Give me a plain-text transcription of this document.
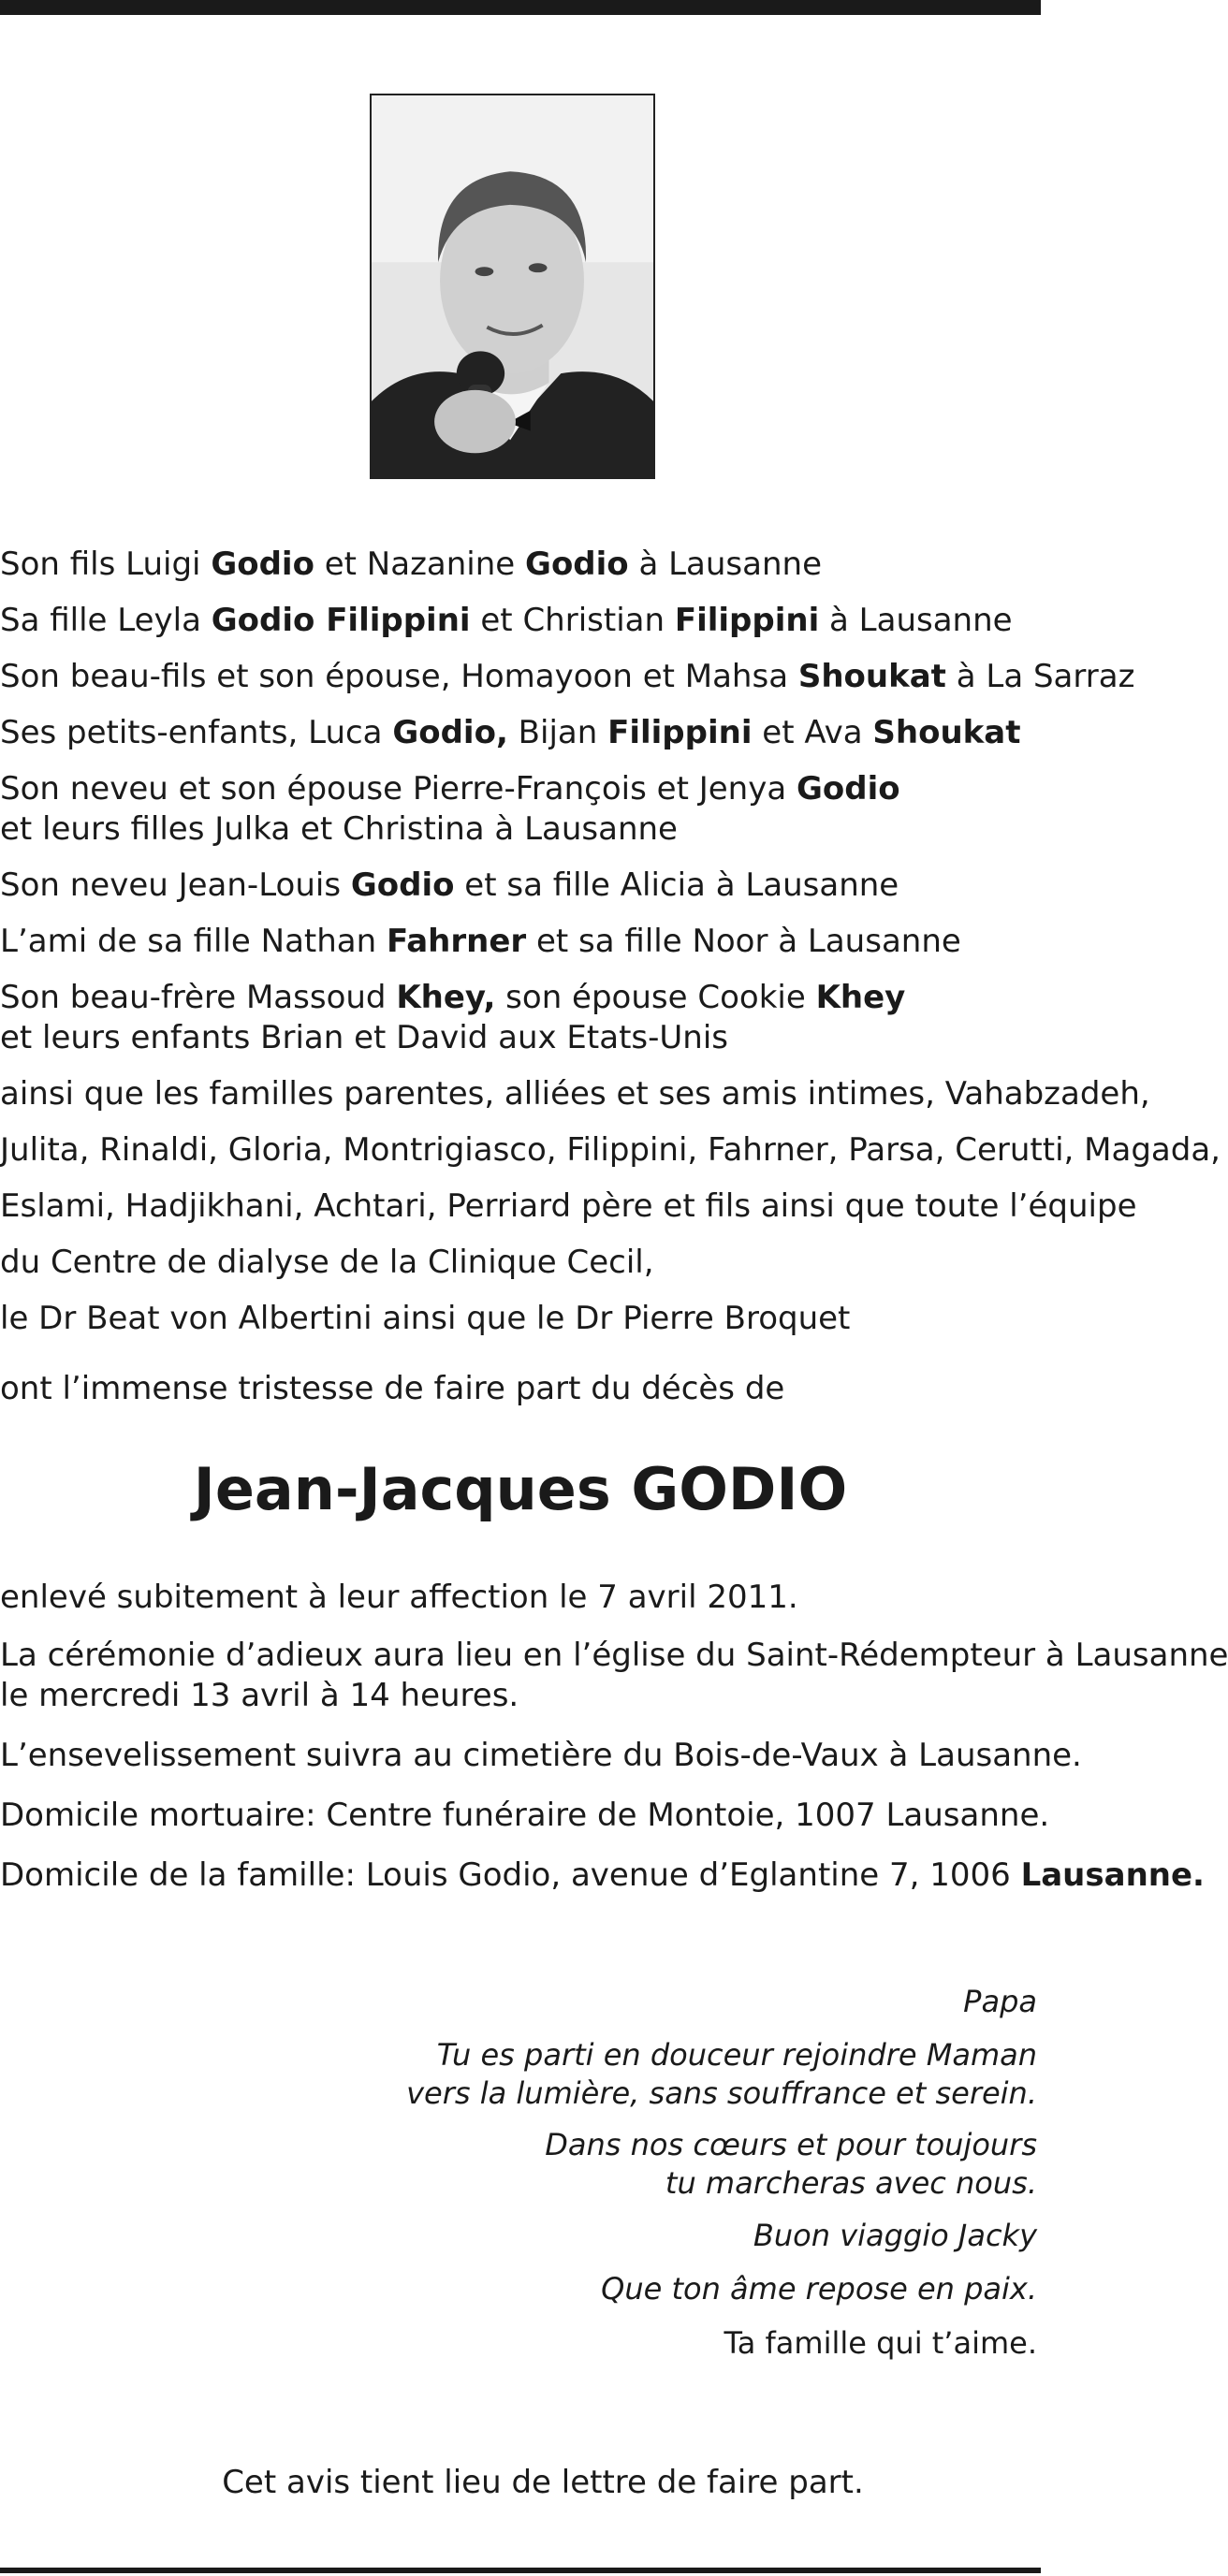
Son fils Luigi Godio et Nazanine Godio à Lausanne

Sa fille Leyla Godio Filippini et Christian Filippini à Lausanne

Son beau-fils et son épouse, Homayoon et Mahsa Shoukat à La Sarraz

Ses petits-enfants, Luca Godio, Bijan Filippini et Ava Shoukat

Son neveu et son épouse Pierre-François et Jenya Godio

et leurs filles Julka et Christina à Lausanne

Son neveu Jean-Louis Godio et sa fille Alicia à Lausanne

L’ami de sa fille Nathan Fahrner et sa fille Noor à Lausanne

Son beau-frère Massoud Khey, son épouse Cookie Khey

et leurs enfants Brian et David aux Etats-Unis

ainsi que les familles parentes, alliées et ses amis intimes, Vahabzadeh,

Julita, Rinaldi, Gloria, Montrigiasco, Filippini, Fahrner, Parsa, Cerutti, Magada,

Eslami, Hadjikhani, Achtari, Perriard père et fils ainsi que toute l’équipe

du Centre de dialyse de la Clinique Cecil,

le Dr Beat von Albertini ainsi que le Dr Pierre Broquet

ont l’immense tristesse de faire part du décès de

Jean-Jacques GODIO

enlevé subitement à leur affection le 7 avril 2011.

La cérémonie d’adieux aura lieu en l’église du Saint-Rédempteur à Lausanne

le mercredi 13 avril à 14 heures.

L’ensevelissement suivra au cimetière du Bois-de-Vaux à Lausanne.

Domicile mortuaire: Centre funéraire de Montoie, 1007 Lausanne.

Domicile de la famille: Louis Godio, avenue d’Eglantine 7, 1006 Lausanne.

Papa

Tu es parti en douceur rejoindre Maman

vers la lumière, sans souffrance et serein.

Dans nos cœurs et pour toujours

tu marcheras avec nous.

Buon viaggio Jacky

Que ton âme repose en paix.

Ta famille qui t’aime.

Cet avis tient lieu de lettre de faire part.
